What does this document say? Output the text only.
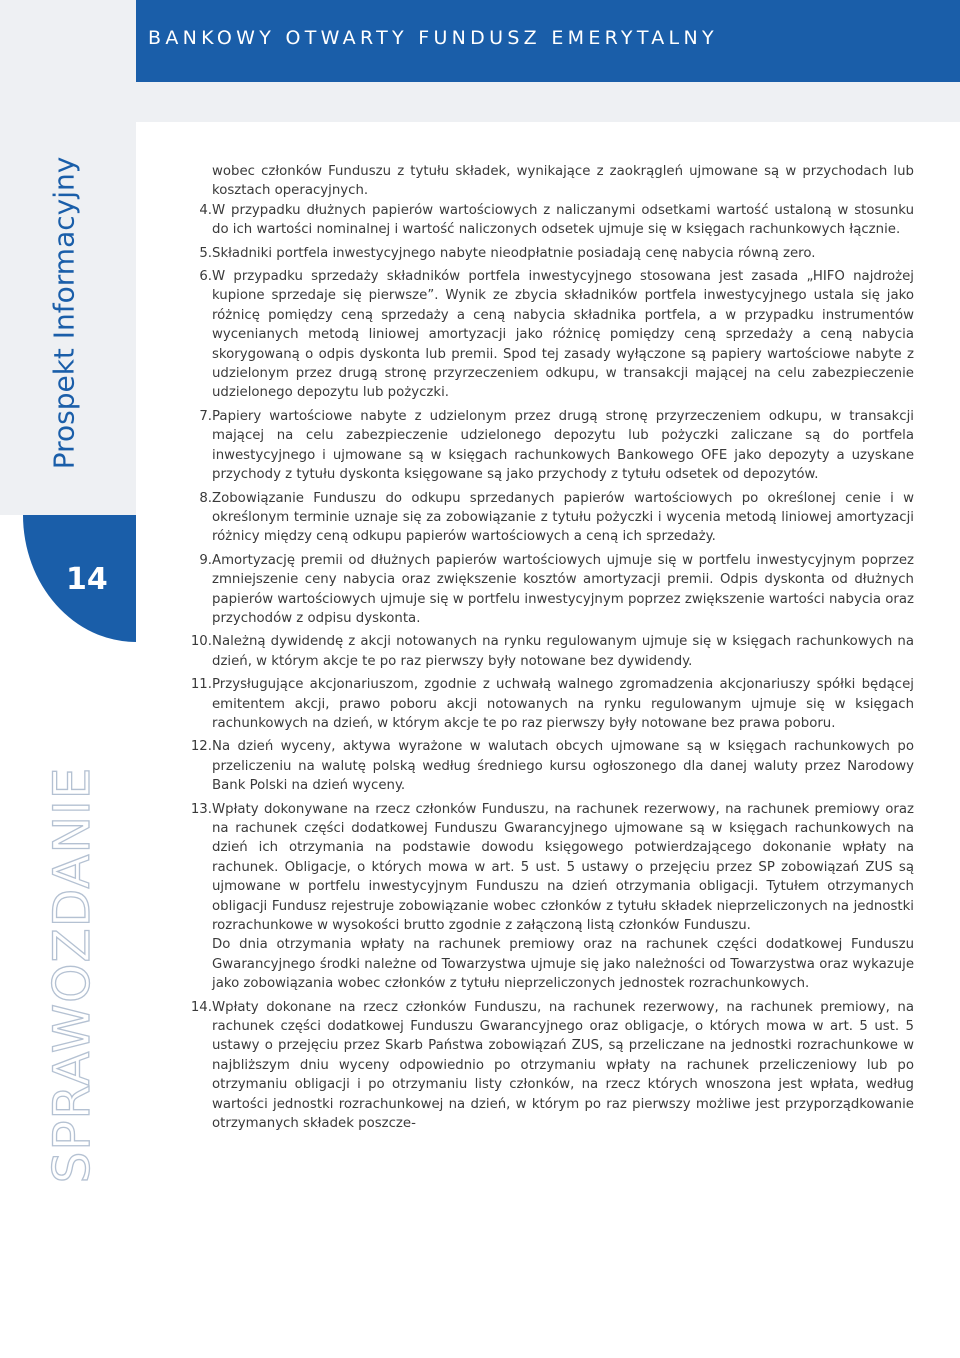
BANKOWY OTWARTY FUNDUSZ EMERYTALNY
Prospekt Informacyjny
14
SPRAWOZDANIE

wobec członków Funduszu z tytułu składek, wynikające z zaokrągleń ujmowane są w przychodach lub kosztach operacyjnych.

4. W przypadku dłużnych papierów wartościowych z naliczanymi odsetkami wartość ustaloną w stosunku do ich wartości nominalnej i wartość naliczonych odsetek ujmuje się w księgach rachunkowych łącznie.
5. Składniki portfela inwestycyjnego nabyte nieodpłatnie posiadają cenę nabycia równą zero.
6. W przypadku sprzedaży składników portfela inwestycyjnego stosowana jest zasada „HIFO najdrożej kupione sprzedaje się pierwsze”. Wynik ze zbycia składników portfela inwestycyjnego ustala się jako różnicę pomiędzy ceną sprzedaży a ceną nabycia składnika portfela, a w przypadku instrumentów wycenianych metodą liniowej amortyzacji jako różnicę pomiędzy ceną sprzedaży a ceną nabycia skorygowaną o odpis dyskonta lub premii. Spod tej zasady wyłączone są papiery wartościowe nabyte z udzielonym przez drugą stronę przyrzeczeniem odkupu, w transakcji mającej na celu zabezpieczenie udzielonego depozytu lub pożyczki.
7. Papiery wartościowe nabyte z udzielonym przez drugą stronę przyrzeczeniem odkupu, w transakcji mającej na celu zabezpieczenie udzielonego depozytu lub pożyczki zaliczane są do portfela inwestycyjnego i ujmowane są w księgach rachunkowych Bankowego OFE jako depozyty a uzyskane przychody z tytułu dyskonta księgowane są jako przychody z tytułu odsetek od depozytów.
8. Zobowiązanie Funduszu do odkupu sprzedanych papierów wartościowych po określonej cenie i w określonym terminie uznaje się za zobowiązanie z tytułu pożyczki i wycenia metodą liniowej amortyzacji różnicy między ceną odkupu papierów wartościowych a ceną ich sprzedaży.
9. Amortyzację premii od dłużnych papierów wartościowych ujmuje się w portfelu inwestycyjnym poprzez zmniejszenie ceny nabycia oraz zwiększenie kosztów amortyzacji premii. Odpis dyskonta od dłużnych papierów wartościowych ujmuje się w portfelu inwestycyjnym poprzez zwiększenie wartości nabycia oraz przychodów z odpisu dyskonta.
10. Należną dywidendę z akcji notowanych na rynku regulowanym ujmuje się w księgach rachunkowych na dzień, w którym akcje te po raz pierwszy były notowane bez dywidendy.
11. Przysługujące akcjonariuszom, zgodnie z uchwałą walnego zgromadzenia akcjonariuszy spółki będącej emitentem akcji, prawo poboru akcji notowanych na rynku regulowanym ujmuje się w księgach rachunkowych na dzień, w którym akcje te po raz pierwszy były notowane bez prawa poboru.
12. Na dzień wyceny, aktywa wyrażone w walutach obcych ujmowane są w księgach rachunkowych po przeliczeniu na walutę polską według średniego kursu ogłoszonego dla danej waluty przez Narodowy Bank Polski na dzień wyceny.
13. Wpłaty dokonywane na rzecz członków Funduszu, na rachunek rezerwowy, na rachunek premiowy oraz na rachunek części dodatkowej Funduszu Gwarancyjnego ujmowane są w księgach rachunkowych na dzień ich otrzymania na podstawie dowodu księgowego potwierdzającego dokonanie wpłaty na rachunek. Obligacje, o których mowa w art. 5 ust. 5 ustawy o przejęciu przez SP zobowiązań ZUS są ujmowane w portfelu inwestycyjnym Funduszu na dzień otrzymania obligacji. Tytułem otrzymanych obligacji Fundusz rejestruje zobowiązanie wobec członków z tytułu składek nieprzeliczonych na jednostki rozrachunkowe w wysokości brutto zgodnie z załączoną listą członków Funduszu.
Do dnia otrzymania wpłaty na rachunek premiowy oraz na rachunek części dodatkowej Funduszu Gwarancyjnego środki należne od Towarzystwa ujmuje się jako należności od Towarzystwa oraz wykazuje jako zobowiązania wobec członków z tytułu nieprzeliczonych jednostek rozrachunkowych.
14. Wpłaty dokonane na rzecz członków Funduszu, na rachunek rezerwowy, na rachunek premiowy, na rachunek części dodatkowej Funduszu Gwarancyjnego oraz obligacje, o których mowa w art. 5 ust. 5 ustawy o przejęciu przez Skarb Państwa zobowiązań ZUS, są przeliczane na jednostki rozrachunkowe w najbliższym dniu wyceny odpowiednio po otrzymaniu wpłaty na rachunek przeliczeniowy lub po otrzymaniu obligacji i po otrzymaniu listy członków, na rzecz których wnoszona jest wpłata, według wartości jednostki rozrachunkowej na dzień, w którym po raz pierwszy możliwe jest przyporządkowanie otrzymanych składek poszcze-
